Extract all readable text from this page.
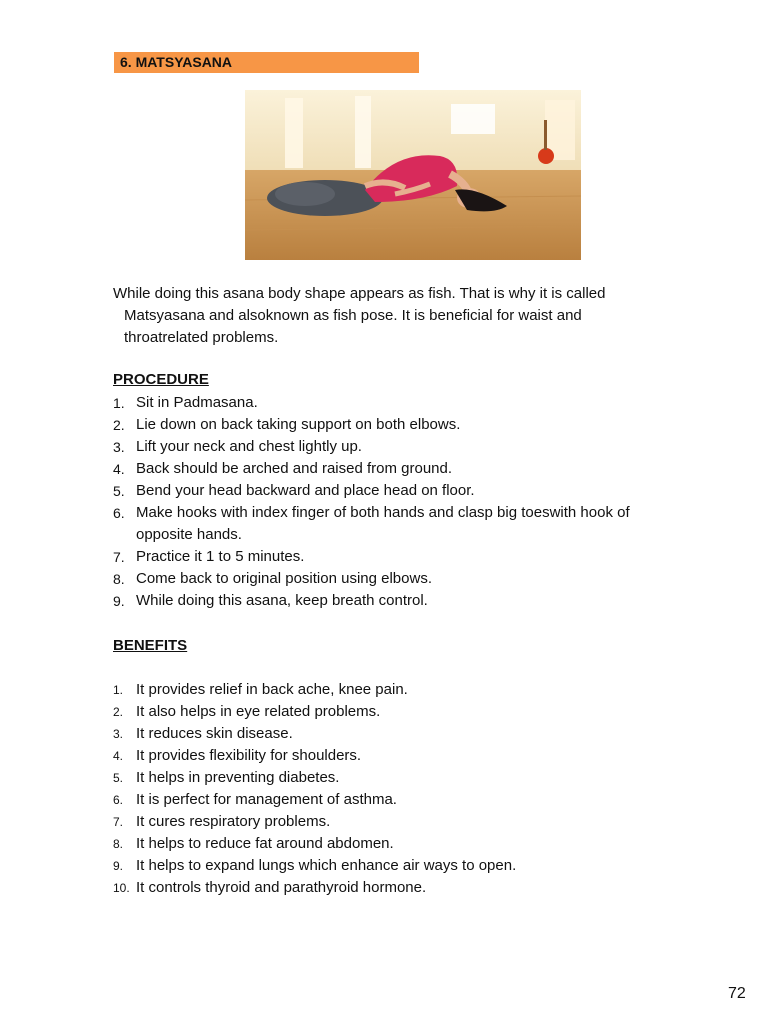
6. MATSYASANA
While doing this asana body shape appears as fish. That is why it is called
Matsyasana and alsoknown as fish pose. It is beneficial for waist and
throatrelated problems.
PROCEDURE
1. Sit in Padmasana.
2. Lie down on back taking support on both elbows.
3. Lift your neck and chest lightly up.
4. Back should be arched and raised from ground.
5. Bend your head backward and place head on floor.
6. Make hooks with index finger of both hands and clasp big toeswith hook of opposite hands.
7. Practice it 1 to 5 minutes.
8. Come back to original position using elbows.
9. While doing this asana, keep breath control.
BENEFITS
1. It provides relief in back ache, knee pain.
2. It also helps in eye related problems.
3. It reduces skin disease.
4. It provides flexibility for shoulders.
5. It helps in preventing diabetes.
6. It is perfect for management of asthma.
7. It cures respiratory problems.
8. It helps to reduce fat around abdomen.
9. It helps to expand lungs which enhance air ways to open.
10. It controls thyroid and parathyroid hormone.
72
